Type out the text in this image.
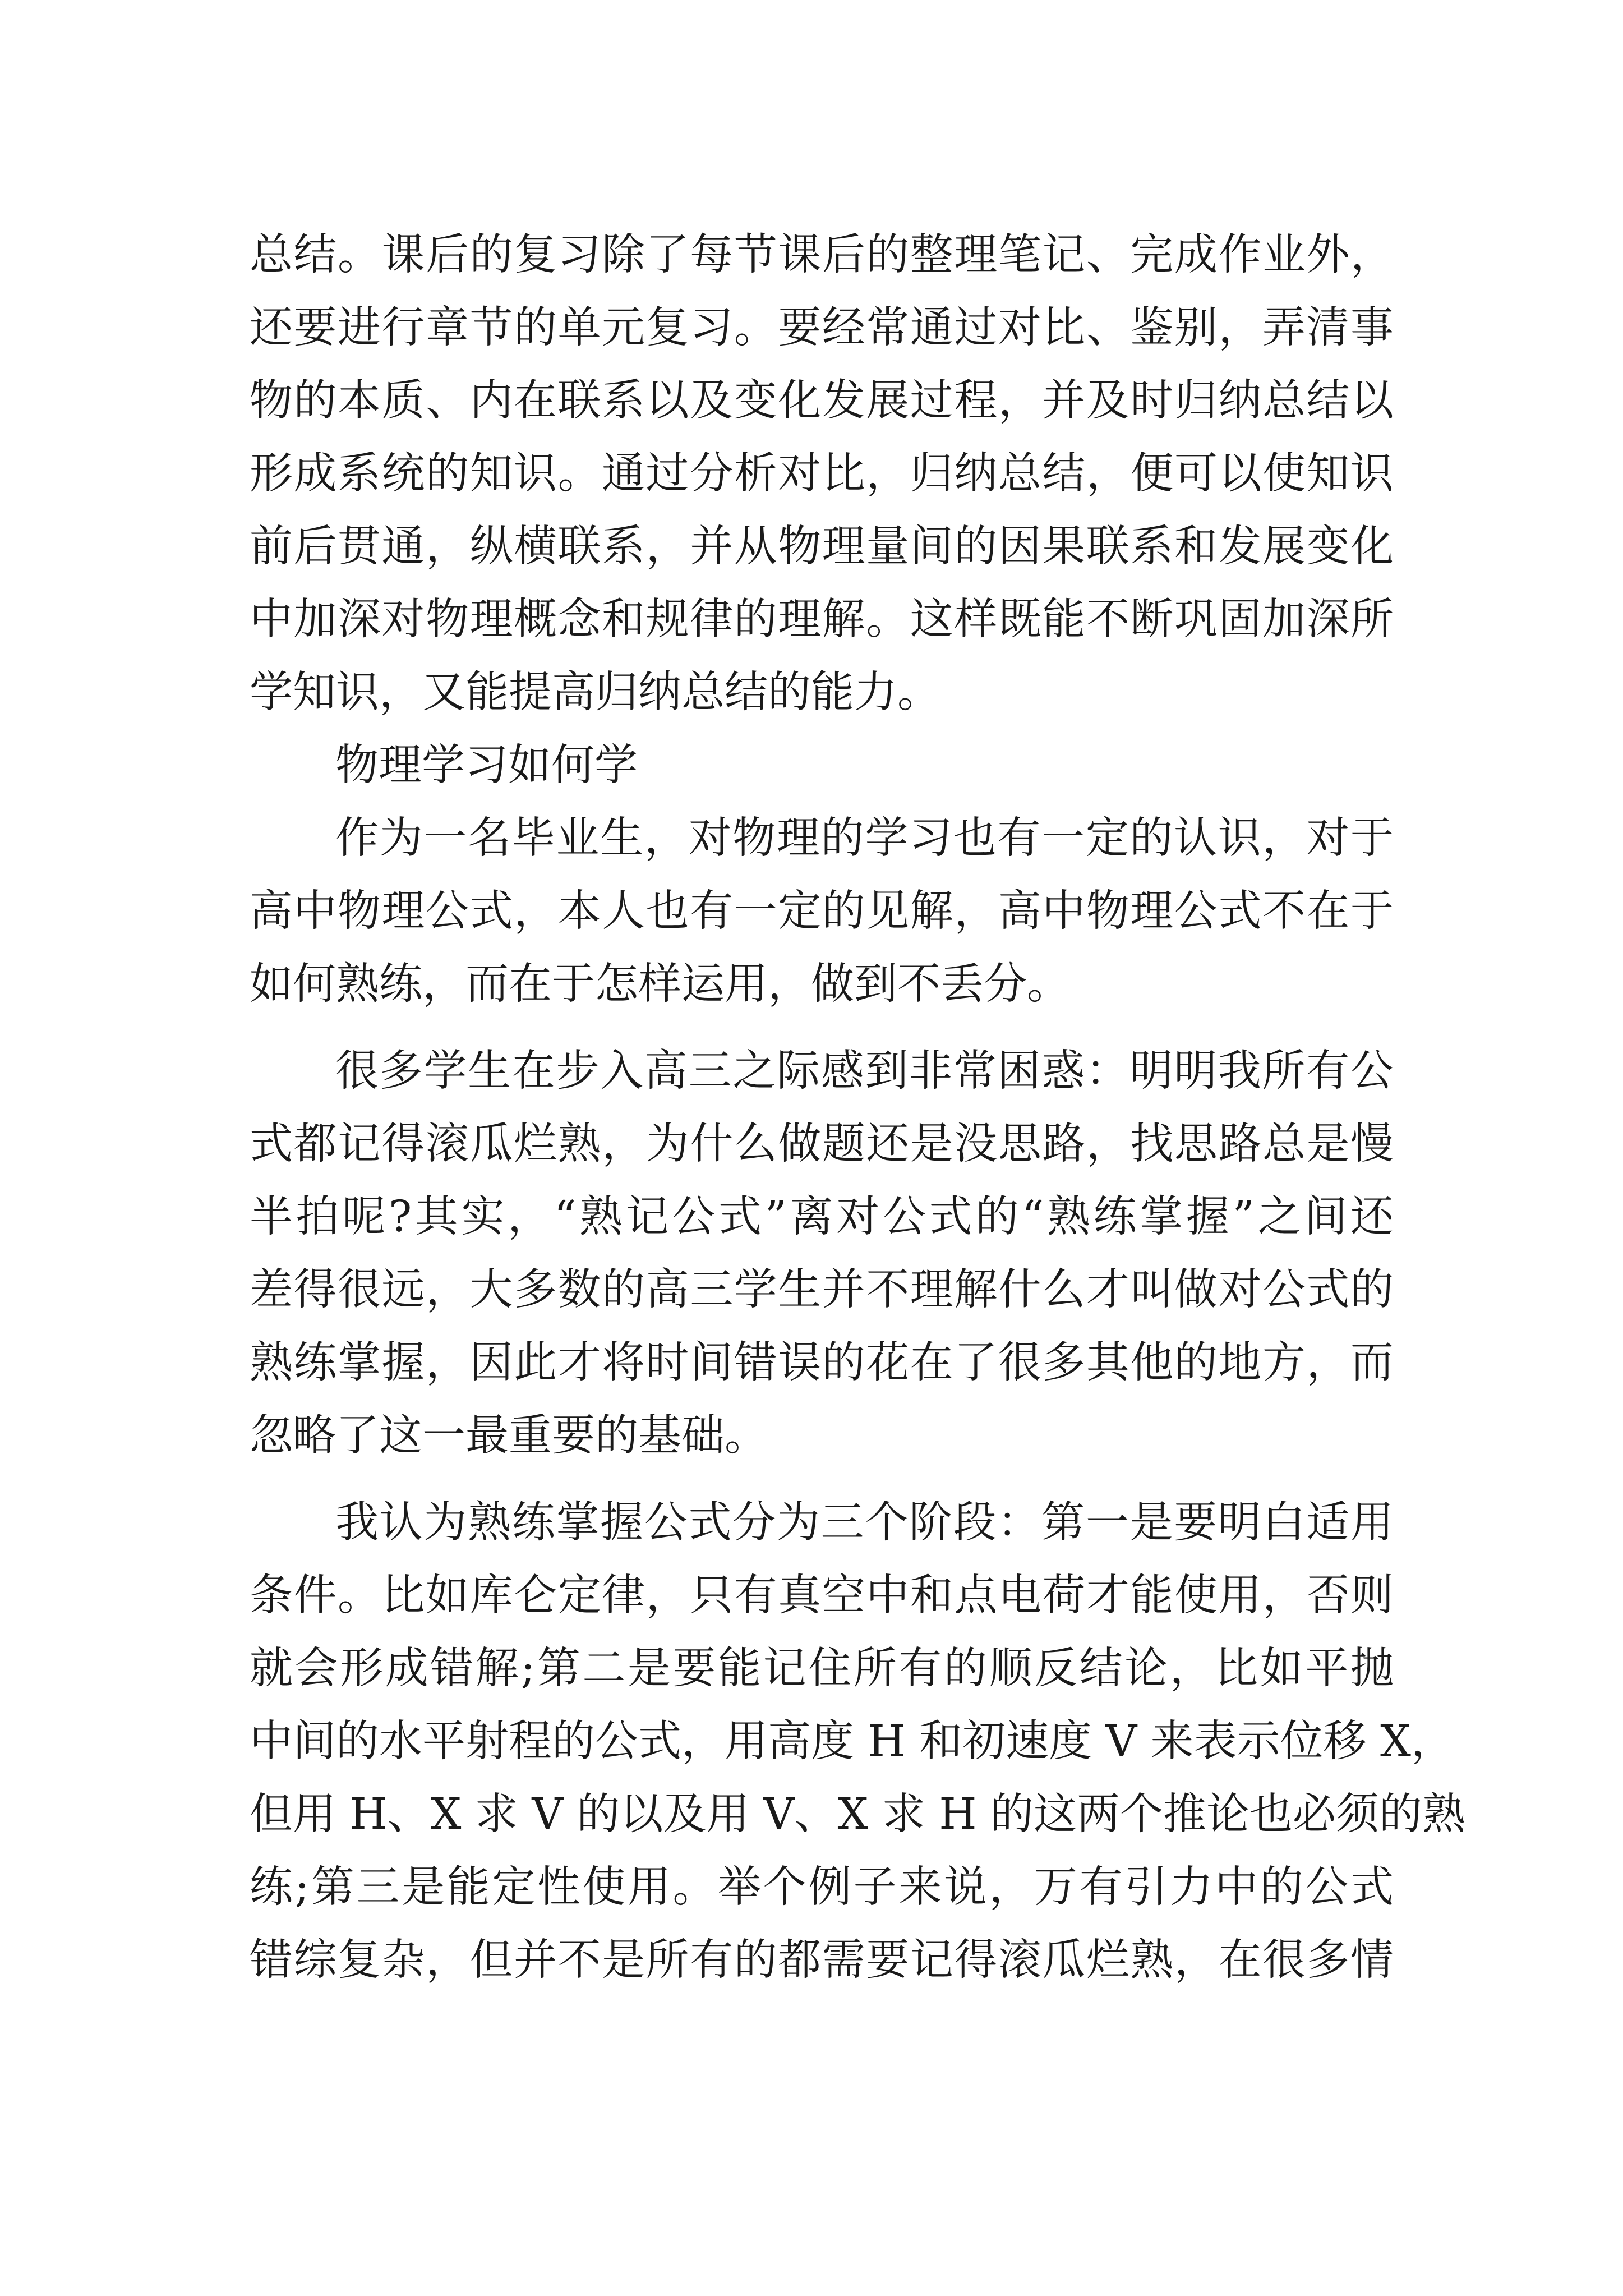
总结。课后的复习除了每节课后的整理笔记、完成作业外，
还要进行章节的单元复习。要经常通过对比、鉴别，弄清事
物的本质、内在联系以及变化发展过程，并及时归纳总结以
形成系统的知识。通过分析对比，归纳总结，便可以使知识
前后贯通，纵横联系，并从物理量间的因果联系和发展变化
中加深对物理概念和规律的理解。这样既能不断巩固加深所
学知识，又能提高归纳总结的能力。
物理学习如何学
作为一名毕业生，对物理的学习也有一定的认识，对于
高中物理公式，本人也有一定的见解，高中物理公式不在于
如何熟练，而在于怎样运用，做到不丢分。
很多学生在步入高三之际感到非常困惑：明明我所有公
式都记得滚瓜烂熟，为什么做题还是没思路，找思路总是慢
半拍呢?其实，“熟记公式”离对公式的“熟练掌握”之间还
差得很远，大多数的高三学生并不理解什么才叫做对公式的
熟练掌握，因此才将时间错误的花在了很多其他的地方，而
忽略了这一最重要的基础。
我认为熟练掌握公式分为三个阶段：第一是要明白适用
条件。比如库仑定律，只有真空中和点电荷才能使用，否则
就会形成错解;第二是要能记住所有的顺反结论，比如平抛
中间的水平射程的公式，用高度 H 和初速度 V 来表示位移 X，
但用 H、X 求 V 的以及用 V、X 求 H 的这两个推论也必须的熟
练;第三是能定性使用。举个例子来说，万有引力中的公式
错综复杂，但并不是所有的都需要记得滚瓜烂熟，在很多情
